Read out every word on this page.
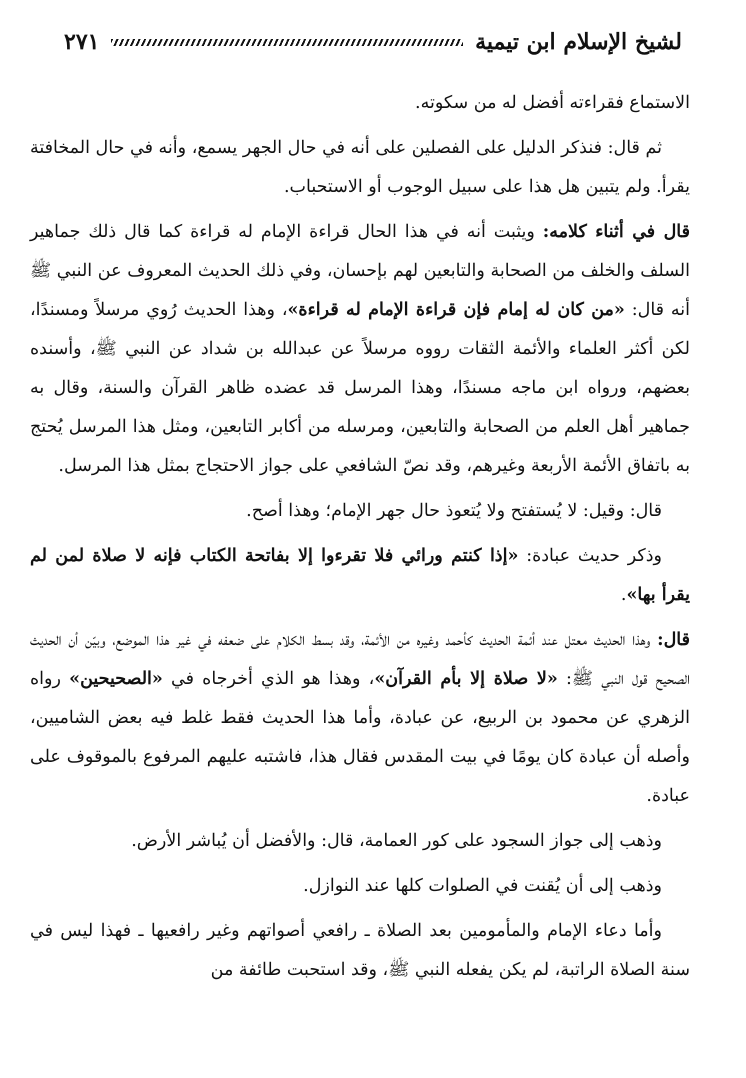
لشيخ الإسلام ابن تيمية
٢٧١

الاستماع فقراءته أفضل له من سكوته.

ثم قال: فنذكر الدليل على الفصلين على أنه في حال الجهر يسمع، وأنه في حال المخافتة يقرأ. ولم يتبين هل هذا على سبيل الوجوب أو الاستحباب.

قال في أثناء كلامه: ويثبت أنه في هذا الحال قراءة الإمام له قراءة كما قال ذلك جماهير السلف والخلف من الصحابة والتابعين لهم بإحسان، وفي ذلك الحديث المعروف عن النبي ﷺ أنه قال: «من كان له إمام فإن قراءة الإمام له قراءة»، وهذا الحديث رُوي مرسلاً ومسندًا، لكن أكثر العلماء والأئمة الثقات رووه مرسلاً عن عبدالله بن شداد عن النبي ﷺ، وأسنده بعضهم، ورواه ابن ماجه مسندًا، وهذا المرسل قد عضده ظاهر القرآن والسنة، وقال به جماهير أهل العلم من الصحابة والتابعين، ومرسله من أكابر التابعين، ومثل هذا المرسل يُحتج به باتفاق الأئمة الأربعة وغيرهم، وقد نصّ الشافعي على جواز الاحتجاج بمثل هذا المرسل.

قال: وقيل: لا يُستفتح ولا يُتعوذ حال جهر الإمام؛ وهذا أصح.

وذكر حديث عبادة: «إذا كنتم ورائي فلا تقرءوا إلا بفاتحة الكتاب فإنه لا صلاة لمن لم يقرأ بها».

قال: وهذا الحديث معتل عند أئمة الحديث كأحمد وغيره من الأئمة، وقد بسط الكلام على ضعفه في غير هذا الموضع، وبيّن أن الحديث الصحيح قول النبي ﷺ: «لا صلاة إلا بأم القرآن»، وهذا هو الذي أخرجاه في «الصحيحين» رواه الزهري عن محمود بن الربيع، عن عبادة، وأما هذا الحديث فقط غلط فيه بعض الشاميين، وأصله أن عبادة كان يومًا في بيت المقدس فقال هذا، فاشتبه عليهم المرفوع بالموقوف على عبادة.

وذهب إلى جواز السجود على كور العمامة، قال: والأفضل أن يُباشر الأرض.

وذهب إلى أن يُقنت في الصلوات كلها عند النوازل.

وأما دعاء الإمام والمأمومين بعد الصلاة ـ رافعي أصواتهم وغير رافعيها ـ فهذا ليس في سنة الصلاة الراتبة، لم يكن يفعله النبي ﷺ، وقد استحبت طائفة من
